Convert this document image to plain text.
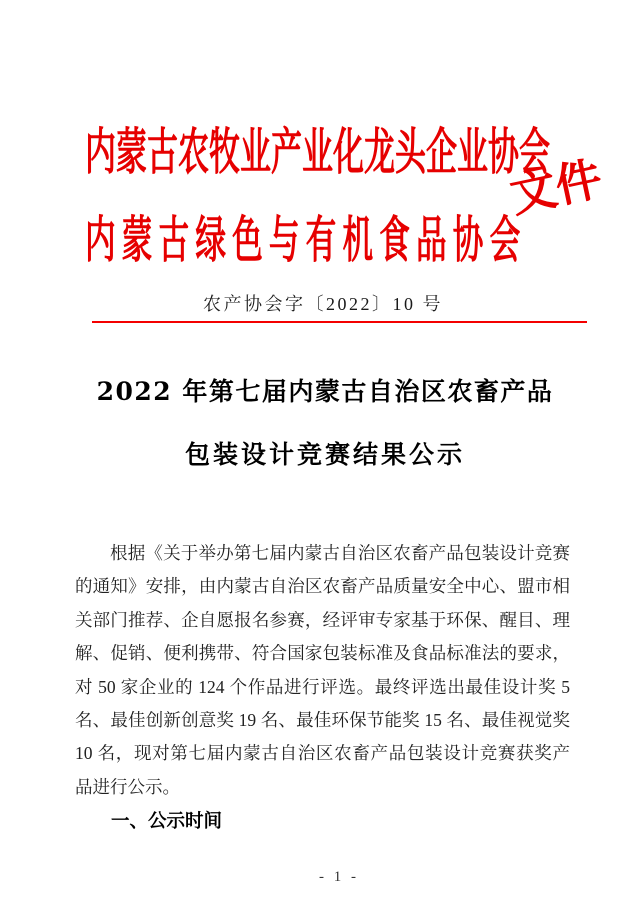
内蒙古农牧业产业化龙头企业协会
内蒙古绿色与有机食品协会
文件
农产协会字〔2022〕10 号
2022 年第七届内蒙古自治区农畜产品
包装设计竞赛结果公示
根据《关于举办第七届内蒙古自治区农畜产品包装设计竞赛
的通知》安排，由内蒙古自治区农畜产品质量安全中心、盟市相
关部门推荐、企自愿报名参赛，经评审专家基于环保、醒目、理
解、促销、便利携带、符合国家包装标准及食品标准法的要求，
对 50 家企业的 124 个作品进行评选。最终评选出最佳设计奖 5
名、最佳创新创意奖 19 名、最佳环保节能奖 15 名、最佳视觉奖
10 名，现对第七届内蒙古自治区农畜产品包装设计竞赛获奖产
品进行公示。
一、公示时间
- 1 -
